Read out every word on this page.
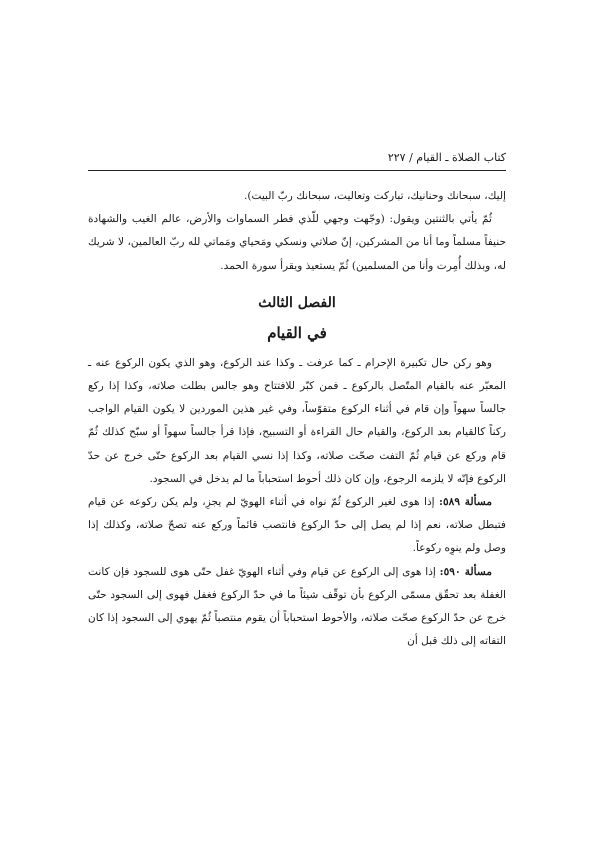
كتاب الصلاة ـ القيام / ٢٢٧

إليك، سبحانك وحنانيك، تباركت وتعاليت، سبحانك ربّ البيت).

ثُمّ يأتي بالثنتين ويقول: (وجّهت وجهي للّذي فطر السماوات والأرض، عالم الغيب والشهادة حنيفاً مسلماً وما أنا من المشركين، إنّ صلاتي ونسكي ومَحياي ومَماتي لله ربّ العالمين، لا شريك له، وبذلك أُمِرت وأنا من المسلمين) ثُمّ يستعيذ ويقرأ سورة الحمد.

الفصل الثالث
في القيام

وهو ركن حال تكبيرة الإحرام ـ كما عرفت ـ وكذا عند الركوع، وهو الذي يكون الركوع عنه ـ المعبّر عنه بالقيام المتّصل بالركوع ـ فمن كبّر للافتتاح وهو جالس بطلت صلاته، وكذا إذا ركع جالساً سهواً وإن قام في أثناء الركوع متقوّساً، وفي غير هذين الموردين لا يكون القيام الواجب ركناً كالقيام بعد الركوع، والقيام حال القراءة أو التسبيح، فإذا قرأ جالساً سهواً أو سبّح كذلك ثُمّ قام وركع عن قيام ثُمّ التفت صحّت صلاته، وكذا إذا نسي القيام بعد الركوع حتّى خرج عن حدّ الركوع فإنّه لا يلزمه الرجوع، وإن كان ذلك أحوط استحباباً ما لم يدخل في السجود.

مسألة ٥٨٩: إذا هوى لغير الركوع ثُمّ نواه في أثناء الهويّ لم يجزِ، ولم يكن ركوعه عن قيام فتبطل صلاته، نعم إذا لم يصل إلى حدّ الركوع فانتصب قائماً وركع عنه تصحّ صلاته، وكذلك إذا وصل ولم ينوِه ركوعاً.

مسألة ٥٩٠: إذا هوى إلى الركوع عن قيام وفي أثناء الهويّ غفل حتّى هوى للسجود فإن كانت الغفلة بعد تحقّق مسمّى الركوع بأن توقّف شيئاً ما في حدّ الركوع فغفل فهوى إلى السجود حتّى خرج عن حدّ الركوع صحّت صلاته، والأحوط استحباباً أن يقوم منتصباً ثُمّ يهوي إلى السجود إذا كان التفاته إلى ذلك قبل أن
